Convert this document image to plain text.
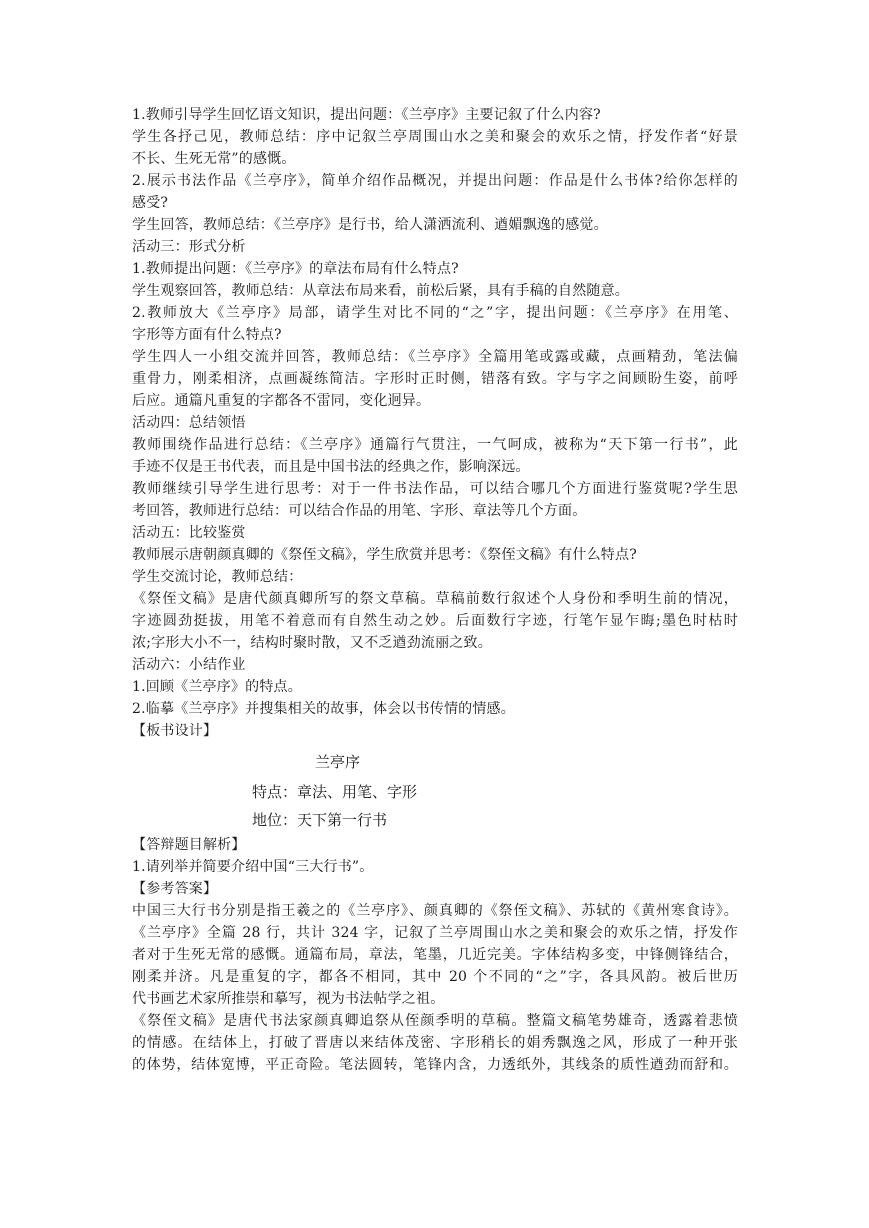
1.教师引导学生回忆语文知识，提出问题：《兰亭序》主要记叙了什么内容?
学生各抒己见，教师总结：序中记叙兰亭周围山水之美和聚会的欢乐之情，抒发作者“好景
不长、生死无常”的感慨。
2.展示书法作品《兰亭序》，简单介绍作品概况，并提出问题：作品是什么书体?给你怎样的
感受?
学生回答，教师总结：《兰亭序》是行书，给人潇洒流利、遒媚飘逸的感觉。
活动三：形式分析
1.教师提出问题：《兰亭序》的章法布局有什么特点?
学生观察回答，教师总结：从章法布局来看，前松后紧，具有手稿的自然随意。
2.教师放大《兰亭序》局部，请学生对比不同的“之”字，提出问题：《兰亭序》在用笔、
字形等方面有什么特点?
学生四人一小组交流并回答，教师总结：《兰亭序》全篇用笔或露或藏，点画精劲，笔法偏
重骨力，刚柔相济，点画凝练简洁。字形时正时侧，错落有致。字与字之间顾盼生姿，前呼
后应。通篇凡重复的字都各不雷同，变化迥异。
活动四：总结领悟
教师围绕作品进行总结：《兰亭序》通篇行气贯注，一气呵成，被称为“天下第一行书”，此
手迹不仅是王书代表，而且是中国书法的经典之作，影响深远。
教师继续引导学生进行思考：对于一件书法作品，可以结合哪几个方面进行鉴赏呢?学生思
考回答，教师进行总结：可以结合作品的用笔、字形、章法等几个方面。
活动五：比较鉴赏
教师展示唐朝颜真卿的《祭侄文稿》，学生欣赏并思考：《祭侄文稿》有什么特点?
学生交流讨论，教师总结：
《祭侄文稿》是唐代颜真卿所写的祭文草稿。草稿前数行叙述个人身份和季明生前的情况，
字迹圆劲挺拔，用笔不着意而有自然生动之妙。后面数行字迹，行笔乍显乍晦;墨色时枯时
浓;字形大小不一，结构时聚时散，又不乏遒劲流丽之致。
活动六：小结作业
1.回顾《兰亭序》的特点。
2.临摹《兰亭序》并搜集相关的故事，体会以书传情的情感。
【板书设计】
兰亭序
特点：章法、用笔、字形
地位：天下第一行书
【答辩题目解析】
1.请列举并简要介绍中国“三大行书”。
【参考答案】
中国三大行书分别是指王羲之的《兰亭序》、颜真卿的《祭侄文稿》、苏轼的《黄州寒食诗》。
《兰亭序》全篇 28 行，共计 324 字，记叙了兰亭周围山水之美和聚会的欢乐之情，抒发作
者对于生死无常的感慨。通篇布局，章法，笔墨，几近完美。字体结构多变，中锋侧锋结合，
刚柔并济。凡是重复的字，都各不相同，其中 20 个不同的“之”字，各具风韵。被后世历
代书画艺术家所推崇和摹写，视为书法帖学之祖。
《祭侄文稿》是唐代书法家颜真卿追祭从侄颜季明的草稿。整篇文稿笔势雄奇，透露着悲愤
的情感。在结体上，打破了晋唐以来结体茂密、字形稍长的娟秀飘逸之风，形成了一种开张
的体势，结体宽博，平正奇险。笔法圆转，笔锋内含，力透纸外，其线条的质性遒劲而舒和。
